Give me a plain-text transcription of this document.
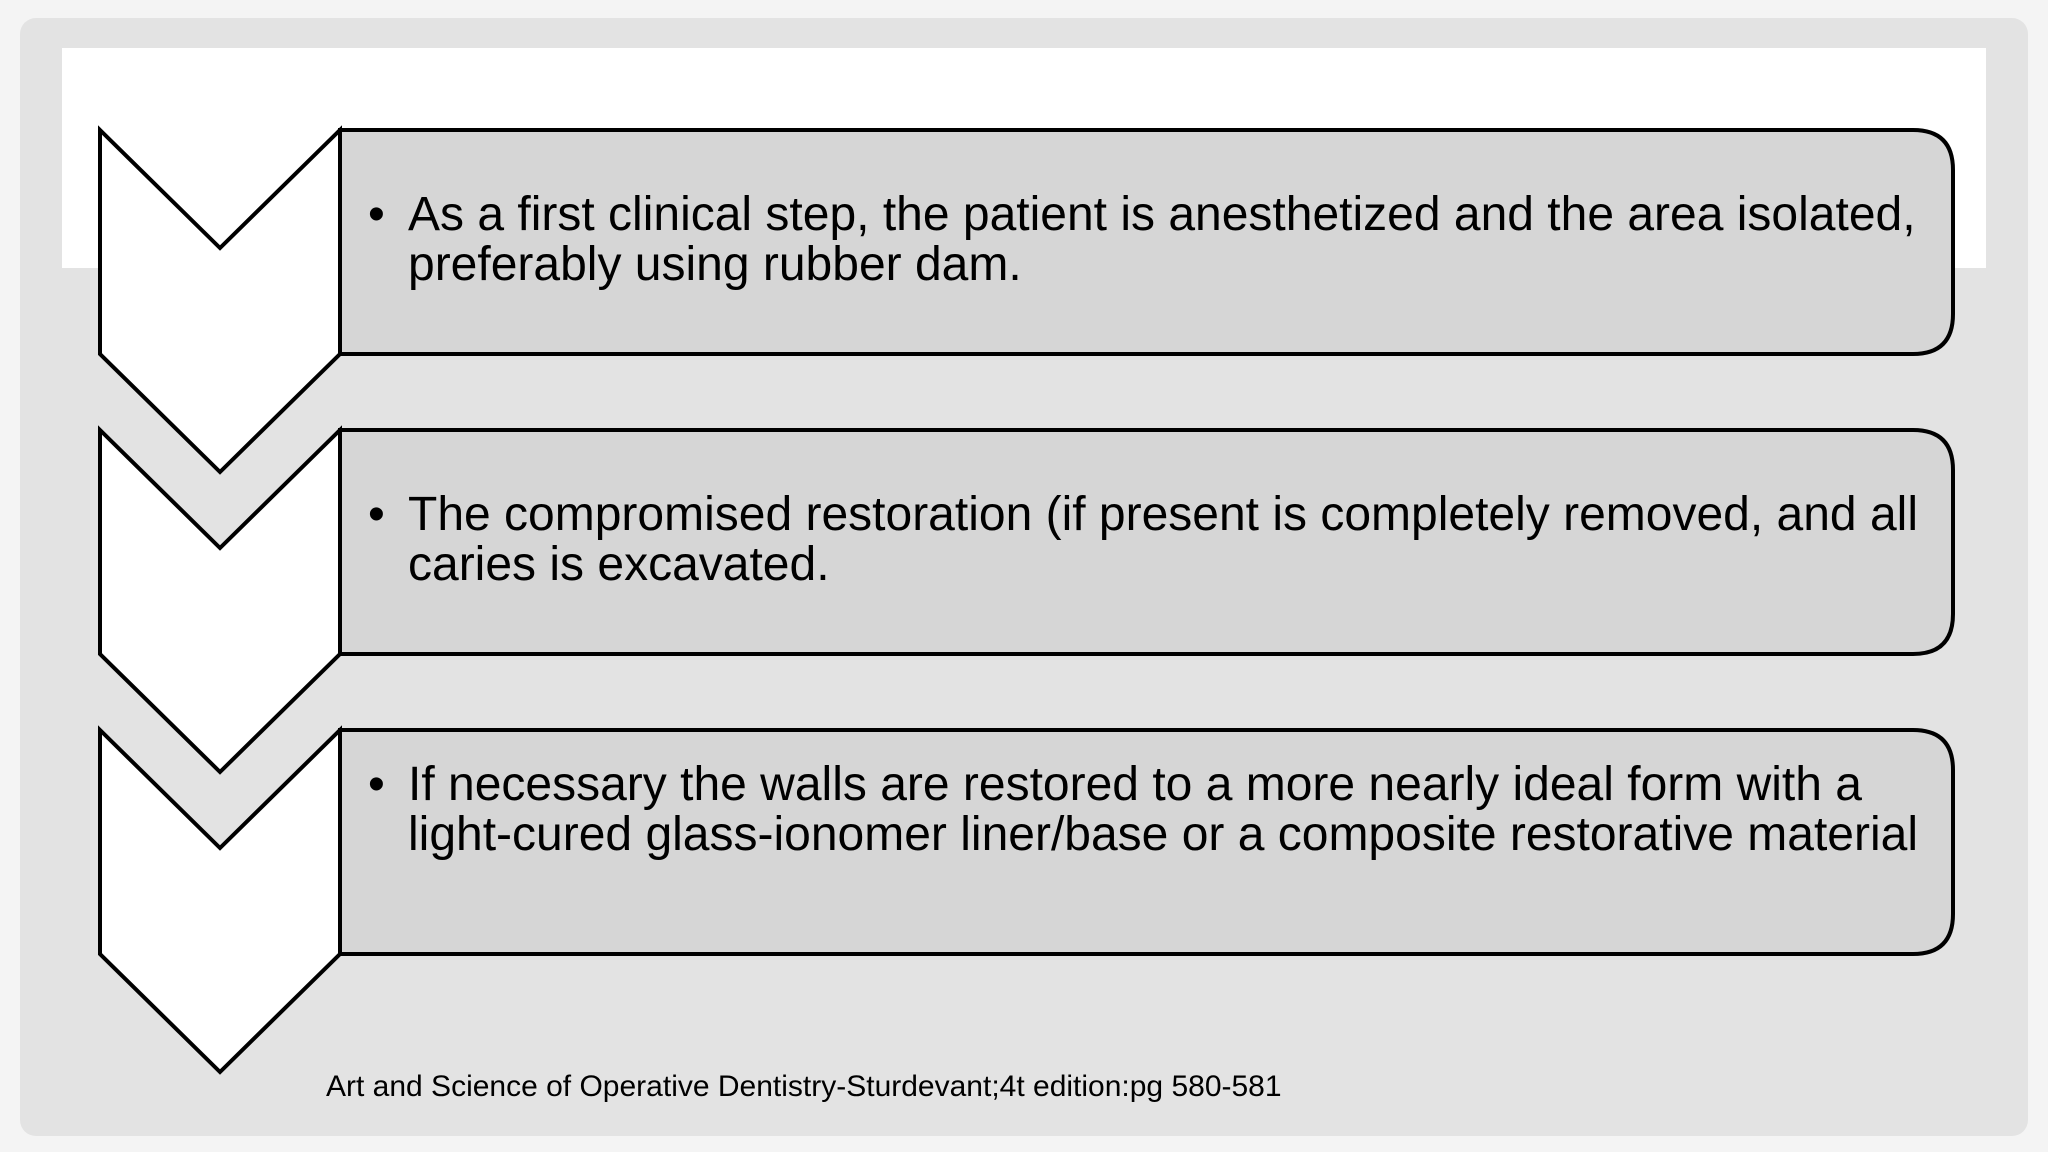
• As a first clinical step, the patient is anesthetized and the area isolated, preferably using rubber dam.
• The compromised restoration (if present is completely removed, and all caries is excavated.
• If necessary the walls are restored to a more nearly ideal form with a light-cured glass-ionomer liner/base or a composite restorative material
Art and Science of Operative Dentistry-Sturdevant;4t edition:pg 580-581
